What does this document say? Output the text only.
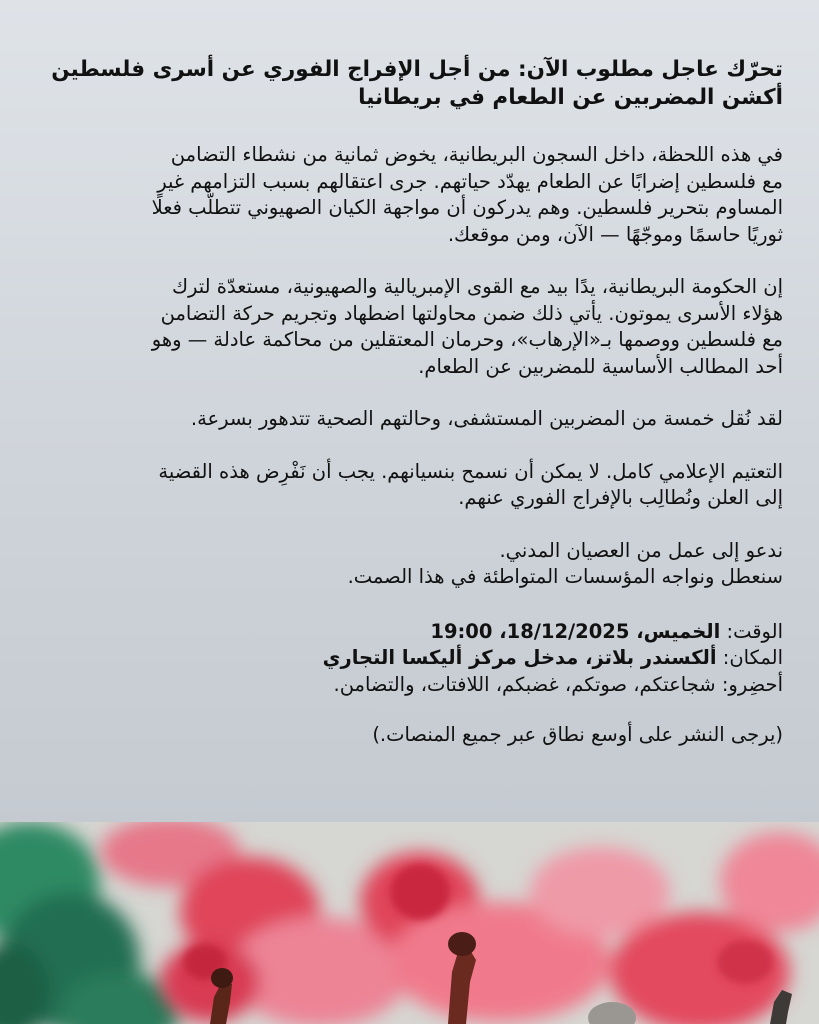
تحرّك عاجل مطلوب الآن: من أجل الإفراج الفوري عن أسرى فلسطين
أكشن المضربين عن الطعام في بريطانيا
في هذه اللحظة، داخل السجون البريطانية، يخوض ثمانية من نشطاء التضامن
مع فلسطين إضرابًا عن الطعام يهدّد حياتهم. جرى اعتقالهم بسبب التزامهم غير
المساوم بتحرير فلسطين. وهم يدركون أن مواجهة الكيان الصهيوني تتطلّب فعلًا
ثوريًا حاسمًا وموجّهًا — الآن، ومن موقعك.
إن الحكومة البريطانية، يدًا بيد مع القوى الإمبريالية والصهيونية، مستعدّة لترك
هؤلاء الأسرى يموتون. يأتي ذلك ضمن محاولتها اضطهاد وتجريم حركة التضامن
مع فلسطين ووصمها بـ«الإرهاب»، وحرمان المعتقلين من محاكمة عادلة — وهو
أحد المطالب الأساسية للمضربين عن الطعام.
لقد نُقل خمسة من المضربين المستشفى، وحالتهم الصحية تتدهور بسرعة.
التعتيم الإعلامي كامل. لا يمكن أن نسمح بنسيانهم. يجب أن نَفْرِض هذه القضية
إلى العلن ونُطالِب بالإفراج الفوري عنهم.
ندعو إلى عمل من العصيان المدني.
سنعطل ونواجه المؤسسات المتواطئة في هذا الصمت.
الوقت: الخميس، 18/12/2025، 19:00
المكان: ألكسندر بلاتز، مدخل مركز أليكسا التجاري
أحضِرو: شجاعتكم، صوتكم، غضبكم، اللافتات، والتضامن.
(يرجى النشر على أوسع نطاق عبر جميع المنصات.)
